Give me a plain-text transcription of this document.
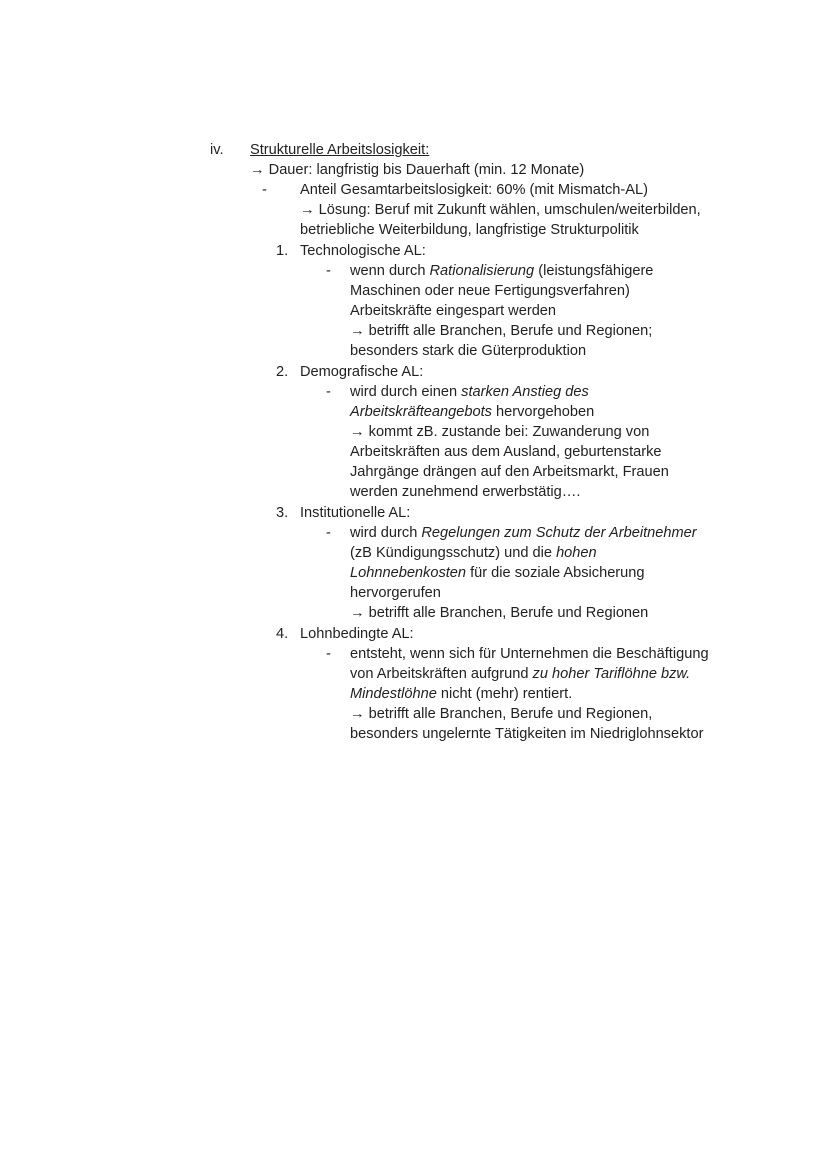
iv. Strukturelle Arbeitslosigkeit:
→ Dauer: langfristig bis Dauerhaft (min. 12 Monate)
- Anteil Gesamtarbeitslosigkeit: 60% (mit Mismatch-AL)
→ Lösung: Beruf mit Zukunft wählen, umschulen/weiterbilden,
betriebliche Weiterbildung, langfristige Strukturpolitik
1. Technologische AL:
- wenn durch Rationalisierung (leistungsfähigere
Maschinen oder neue Fertigungsverfahren)
Arbeitskräfte eingespart werden
→ betrifft alle Branchen, Berufe und Regionen;
besonders stark die Güterproduktion
2. Demografische AL:
- wird durch einen starken Anstieg des
Arbeitskräfteangebots hervorgehoben
→ kommt zB. zustande bei: Zuwanderung von
Arbeitskräften aus dem Ausland, geburtenstarke
Jahrgänge drängen auf den Arbeitsmarkt, Frauen
werden zunehmend erwerbstätig….
3. Institutionelle AL:
- wird durch Regelungen zum Schutz der Arbeitnehmer
(zB Kündigungsschutz) und die hohen
Lohnnebenkosten für die soziale Absicherung
hervorgerufen
→ betrifft alle Branchen, Berufe und Regionen
4. Lohnbedingte AL:
- entsteht, wenn sich für Unternehmen die Beschäftigung
von Arbeitskräften aufgrund zu hoher Tariflöhne bzw.
Mindestlöhne nicht (mehr) rentiert.
→ betrifft alle Branchen, Berufe und Regionen,
besonders ungelernte Tätigkeiten im Niedriglohnsektor
